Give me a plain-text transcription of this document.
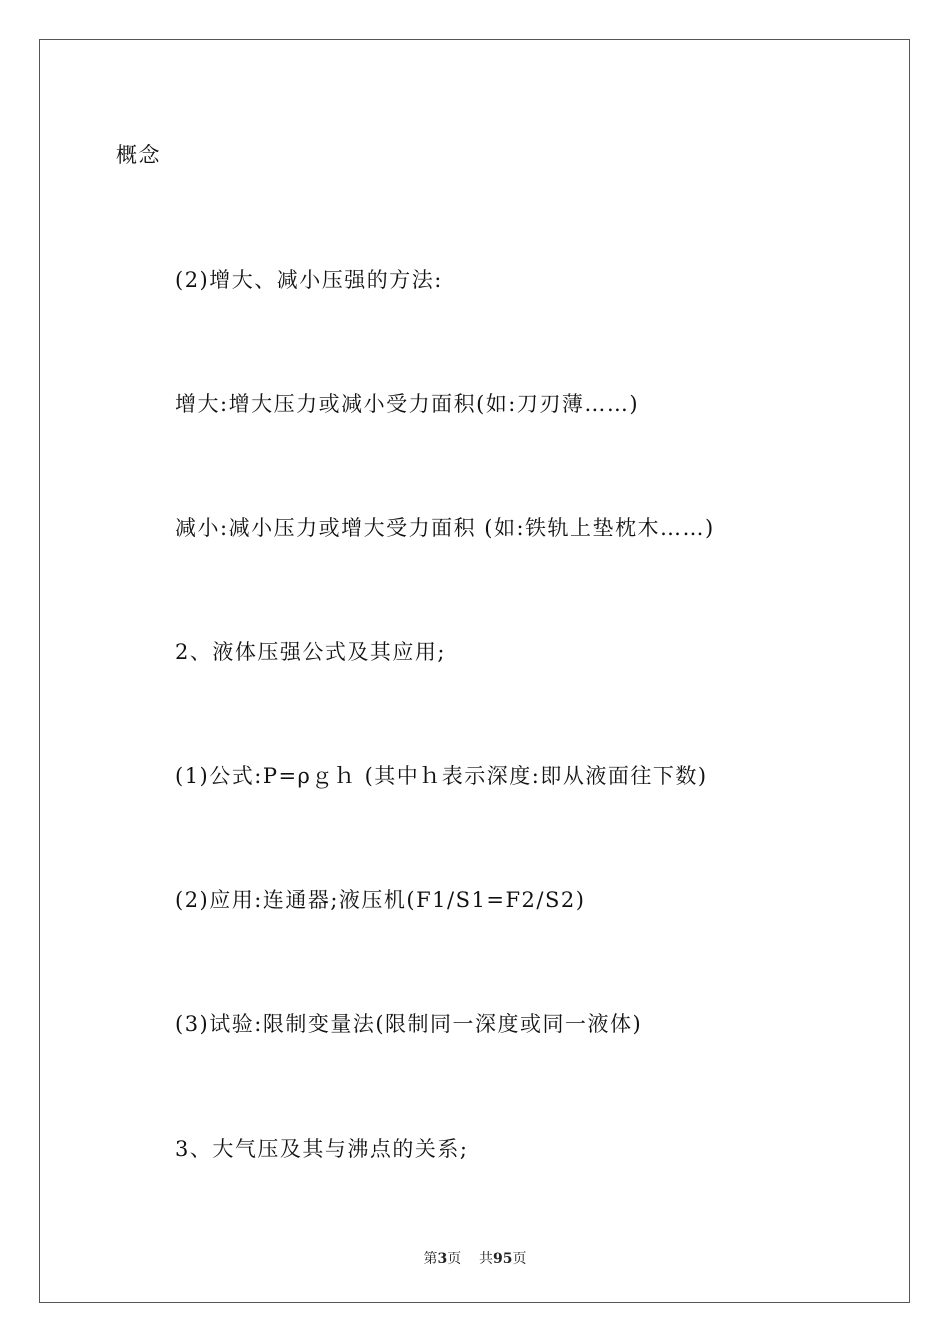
概念
(2)增大、减小压强的方法:
增大:增大压力或减小受力面积(如:刀刃薄……)
减小:减小压力或增大受力面积 (如:铁轨上垫枕木……)
2、液体压强公式及其应用;
(1)公式:P=ρｇｈ (其中ｈ表示深度:即从液面往下数)
(2)应用:连通器;液压机(F1/S1=F2/S2)
(3)试验:限制变量法(限制同一深度或同一液体)
3、大气压及其与沸点的关系;
第3页 共95页
